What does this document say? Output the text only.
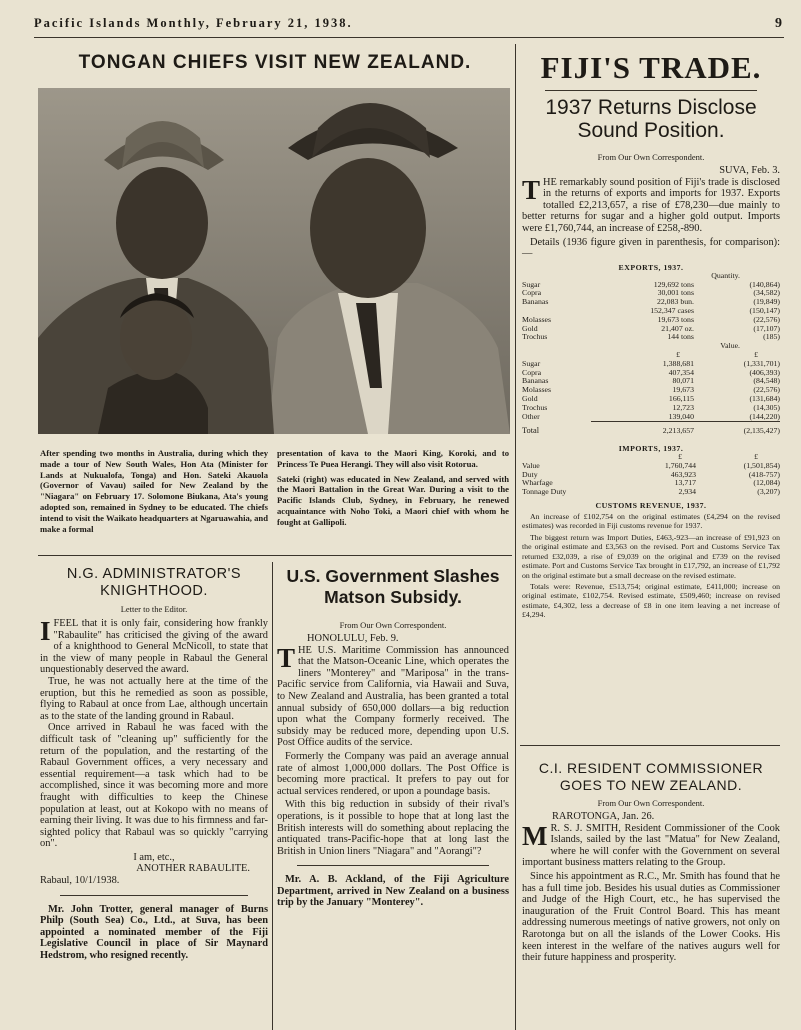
Pacific Islands Monthly, February 21, 1938.	9
TONGAN CHIEFS VISIT NEW ZEALAND.
After spending two months in Australia, during which they made a tour of New South Wales, Hon Ata (Minister for Lands at Nukualofa, Tonga) and Hon. Sateki Akauola (Governor of Vavau) sailed for New Zealand by the "Niagara" on February 17. Solomone Biukana, Ata's young adopted son, remained in Sydney to be educated. The chiefs intend to visit the Waikato headquarters at Ngaruawahia, and make a formal

presentation of kava to the Maori King, Koroki, and to Princess Te Puea Herangi. They will also visit Rotorua.

Sateki (right) was educated in New Zealand, and served with the Maori Battalion in the Great War. During a visit to the Pacific Islands Club, Sydney, in February, he renewed acquaintance with Noho Toki, a Maori chief with whom he fought at Gallipoli.

FIJI'S TRADE.
1937 Returns Disclose Sound Position.
From Our Own Correspondent.
SUVA, Feb. 3.
THE remarkably sound position of Fiji's trade is disclosed in the returns of exports and imports for 1937. Exports totalled £2,213,657, a rise of £78,230—due mainly to better returns for sugar and a higher gold output. Imports were £1,760,744, an increase of £258,-890.
Details (1936 figure given in parenthesis, for comparison):—
EXPORTS, 1937.
	Quantity.	
Sugar	129,692 tons	(140,864)
Copra	30,001 tons	(34,582)
Bananas	22,083 bun.	(19,849)
	152,347 cases	(150,147)
Molasses	19,673 tons	(22,576)
Gold	21,407 oz.	(17,107)
Trochus	144 tons	(185)
	Value.	
	£	£
Sugar	1,388,681	(1,331,701)
Copra	407,354	(406,393)
Bananas	80,071	(84,548)
Molasses	19,673	(22,576)
Gold	166,115	(131,684)
Trochus	12,723	(14,305)
Other	139,040	(144,220)
Total	2,213,657	(2,135,427)
IMPORTS, 1937.
	£	£
Value	1,760,744	(1,501,854)
Duty	463,923	(418-757)
Wharfage	13,717	(12,084)
Tonnage Duty	2,934	(3,207)
CUSTOMS REVENUE, 1937.
An increase of £102,754 on the original estimates (£4,294 on the revised estimates) was recorded in Fiji customs revenue for 1937.
The biggest return was Import Duties, £463,-923—an increase of £91,923 on the original estimate and £3,563 on the revised. Port and Customs Service Tax returned £32,039, a rise of £9,039 on the original and £739 on the revised estimate. Port and Customs Service Tax brought in £17,792, an increase of £1,792 on the original estimate but a small decrease on the revised estimate.
Totals were: Revenue, £513,754; original estimate, £411,000; increase on original estimate, £102,754. Revised estimate, £509,460; increase on revised estimate, £4,302, less a decrease of £8 in one item leaving a net increase of £4,294.
N.G. ADMINISTRATOR'S KNIGHTHOOD.
Letter to the Editor.
IFEEL that it is only fair, considering how frankly "Rabaulite" has criticised the giving of the award of a knighthood to General McNicoll, to state that in the view of many people in Rabaul the General unquestionably deserved the award.
True, he was not actually here at the time of the eruption, but this he remedied as soon as possible, flying to Rabaul at once from Lae, although uncertain as to the state of the landing ground in Rabaul.
Once arrived in Rabaul he was faced with the difficult task of "cleaning up" sufficiently for the return of the population, and the restarting of the Rabaul Government offices, a very necessary and essential requirement—a task which had to be accomplished, since it was becoming more and more fraught with difficulties to keep the Chinese population at least, out at Kokopo with no means of earning their living. It was due to his firmness and far-sighted policy that Rabaul was so quickly "carrying on".
I am, etc.,
ANOTHER RABAULITE.
Rabaul, 10/1/1938.
Mr. John Trotter, general manager of Burns Philp (South Sea) Co., Ltd., at Suva, has been appointed a nominated member of the Fiji Legislative Council in place of Sir Maynard Hedstrom, who resigned recently.
U.S. Government Slashes Matson Subsidy.
From Our Own Correspondent.
HONOLULU, Feb. 9.
THE U.S. Maritime Commission has announced that the Matson-Oceanic Line, which operates the liners "Monterey" and "Mariposa" in the trans-Pacific service from California, via Hawaii and Suva, to New Zealand and Australia, has been granted a total annual subsidy of 650,000 dollars—a big reduction upon what the Company formerly received. The subsidy may be reduced more, depending upon U.S. Post Office audits of the service.
Formerly the Company was paid an average annual rate of almost 1,000,000 dollars. The Post Office is becoming more practical. It prefers to pay out for actual services rendered, or upon a poundage basis.
With this big reduction in subsidy of their rival's operations, is it possible to hope that at long last the British interests will do something about replacing the antiquated trans-Pacific-hope that at long last the British in Union liners "Niagara" and "Aorangi"?
Mr. A. B. Ackland, of the Fiji Agriculture Department, arrived in New Zealand on a business trip by the January "Monterey".
C.I. RESIDENT COMMISSIONER GOES TO NEW ZEALAND.
From Our Own Correspondent.
RAROTONGA, Jan. 26.
M R. S. J. SMITH, Resident Commissioner of the Cook Islands, sailed by the last "Matua" for New Zealand, where he will confer with the Government on several important business matters relating to the Group.
Since his appointment as R.C., Mr. Smith has found that he has a full time job. Besides his usual duties as Commissioner and Judge of the High Court, etc., he has supervised the inauguration of the Fruit Control Board. This has meant addressing numerous meetings of native growers, not only on Rarotonga but on all the islands of the Lower Cooks. His keen interest in the welfare of the natives augurs well for their future happiness and prosperity.
